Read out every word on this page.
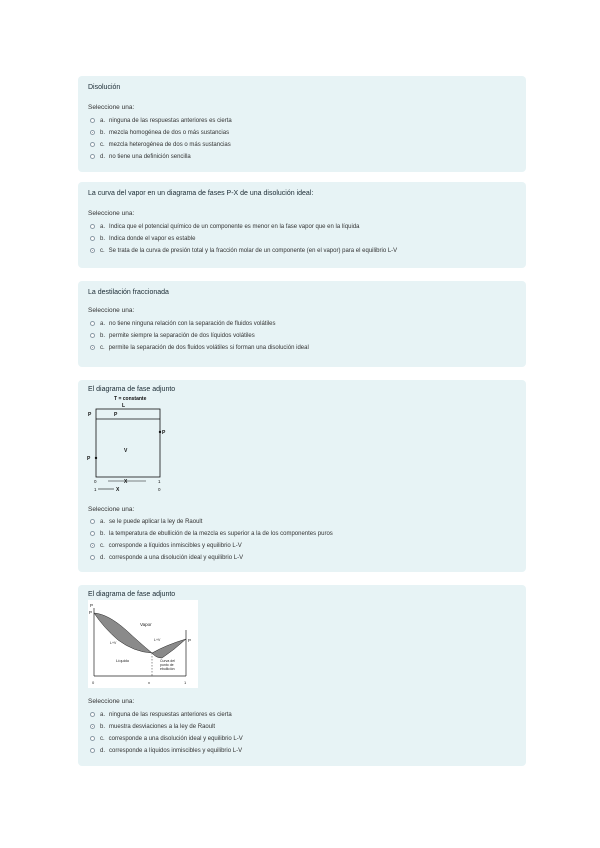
Disolución
Seleccione una:
a. ninguna de las respuestas anteriores es cierta
b. mezcla homogénea de dos o más sustancias
c. mezcla heterogénea de dos o más sustancias
d. no tiene una definición sencilla
La curva del vapor en un diagrama de fases P-X de una disolución ideal:
Seleccione una:
a. Indica que el potencial químico de un componente es menor en la fase vapor que en la líquida
b. Indica donde el vapor es estable
c. Se trata de la curva de presión total y la fracción molar de un componente (en el vapor) para el equilibrio L-V
La destilación fraccionada
Seleccione una:
a. no tiene ninguna relación con la separación de fluidos volátiles
b. permite siempre la separación de dos líquidos volátiles
c. permite la separación de dos fluidos volátiles si forman una disolución ideal
El diagrama de fase adjunto
T = constante
L
P
P
P
P
V
0	1
X
1	0
X
Seleccione una:
a. se le puede aplicar la ley de Raoult
b. la temperatura de ebullición de la mezcla es superior a la de los componentes puros
c. corresponde a líquidos inmiscibles y equilibrio L-V
d. corresponde a una disolución ideal y equilibrio L-V
El diagrama de fase adjunto
P
P
P
Vapor
L+V
L+V
Líquido	Curva del
punto de
ebullición
0	x	1
Seleccione una:
a. ninguna de las respuestas anteriores es cierta
b. muestra desviaciones a la ley de Raoult
c. corresponde a una disolución ideal y equilibrio L-V
d. corresponde a líquidos inmiscibles y equilibrio L-V
